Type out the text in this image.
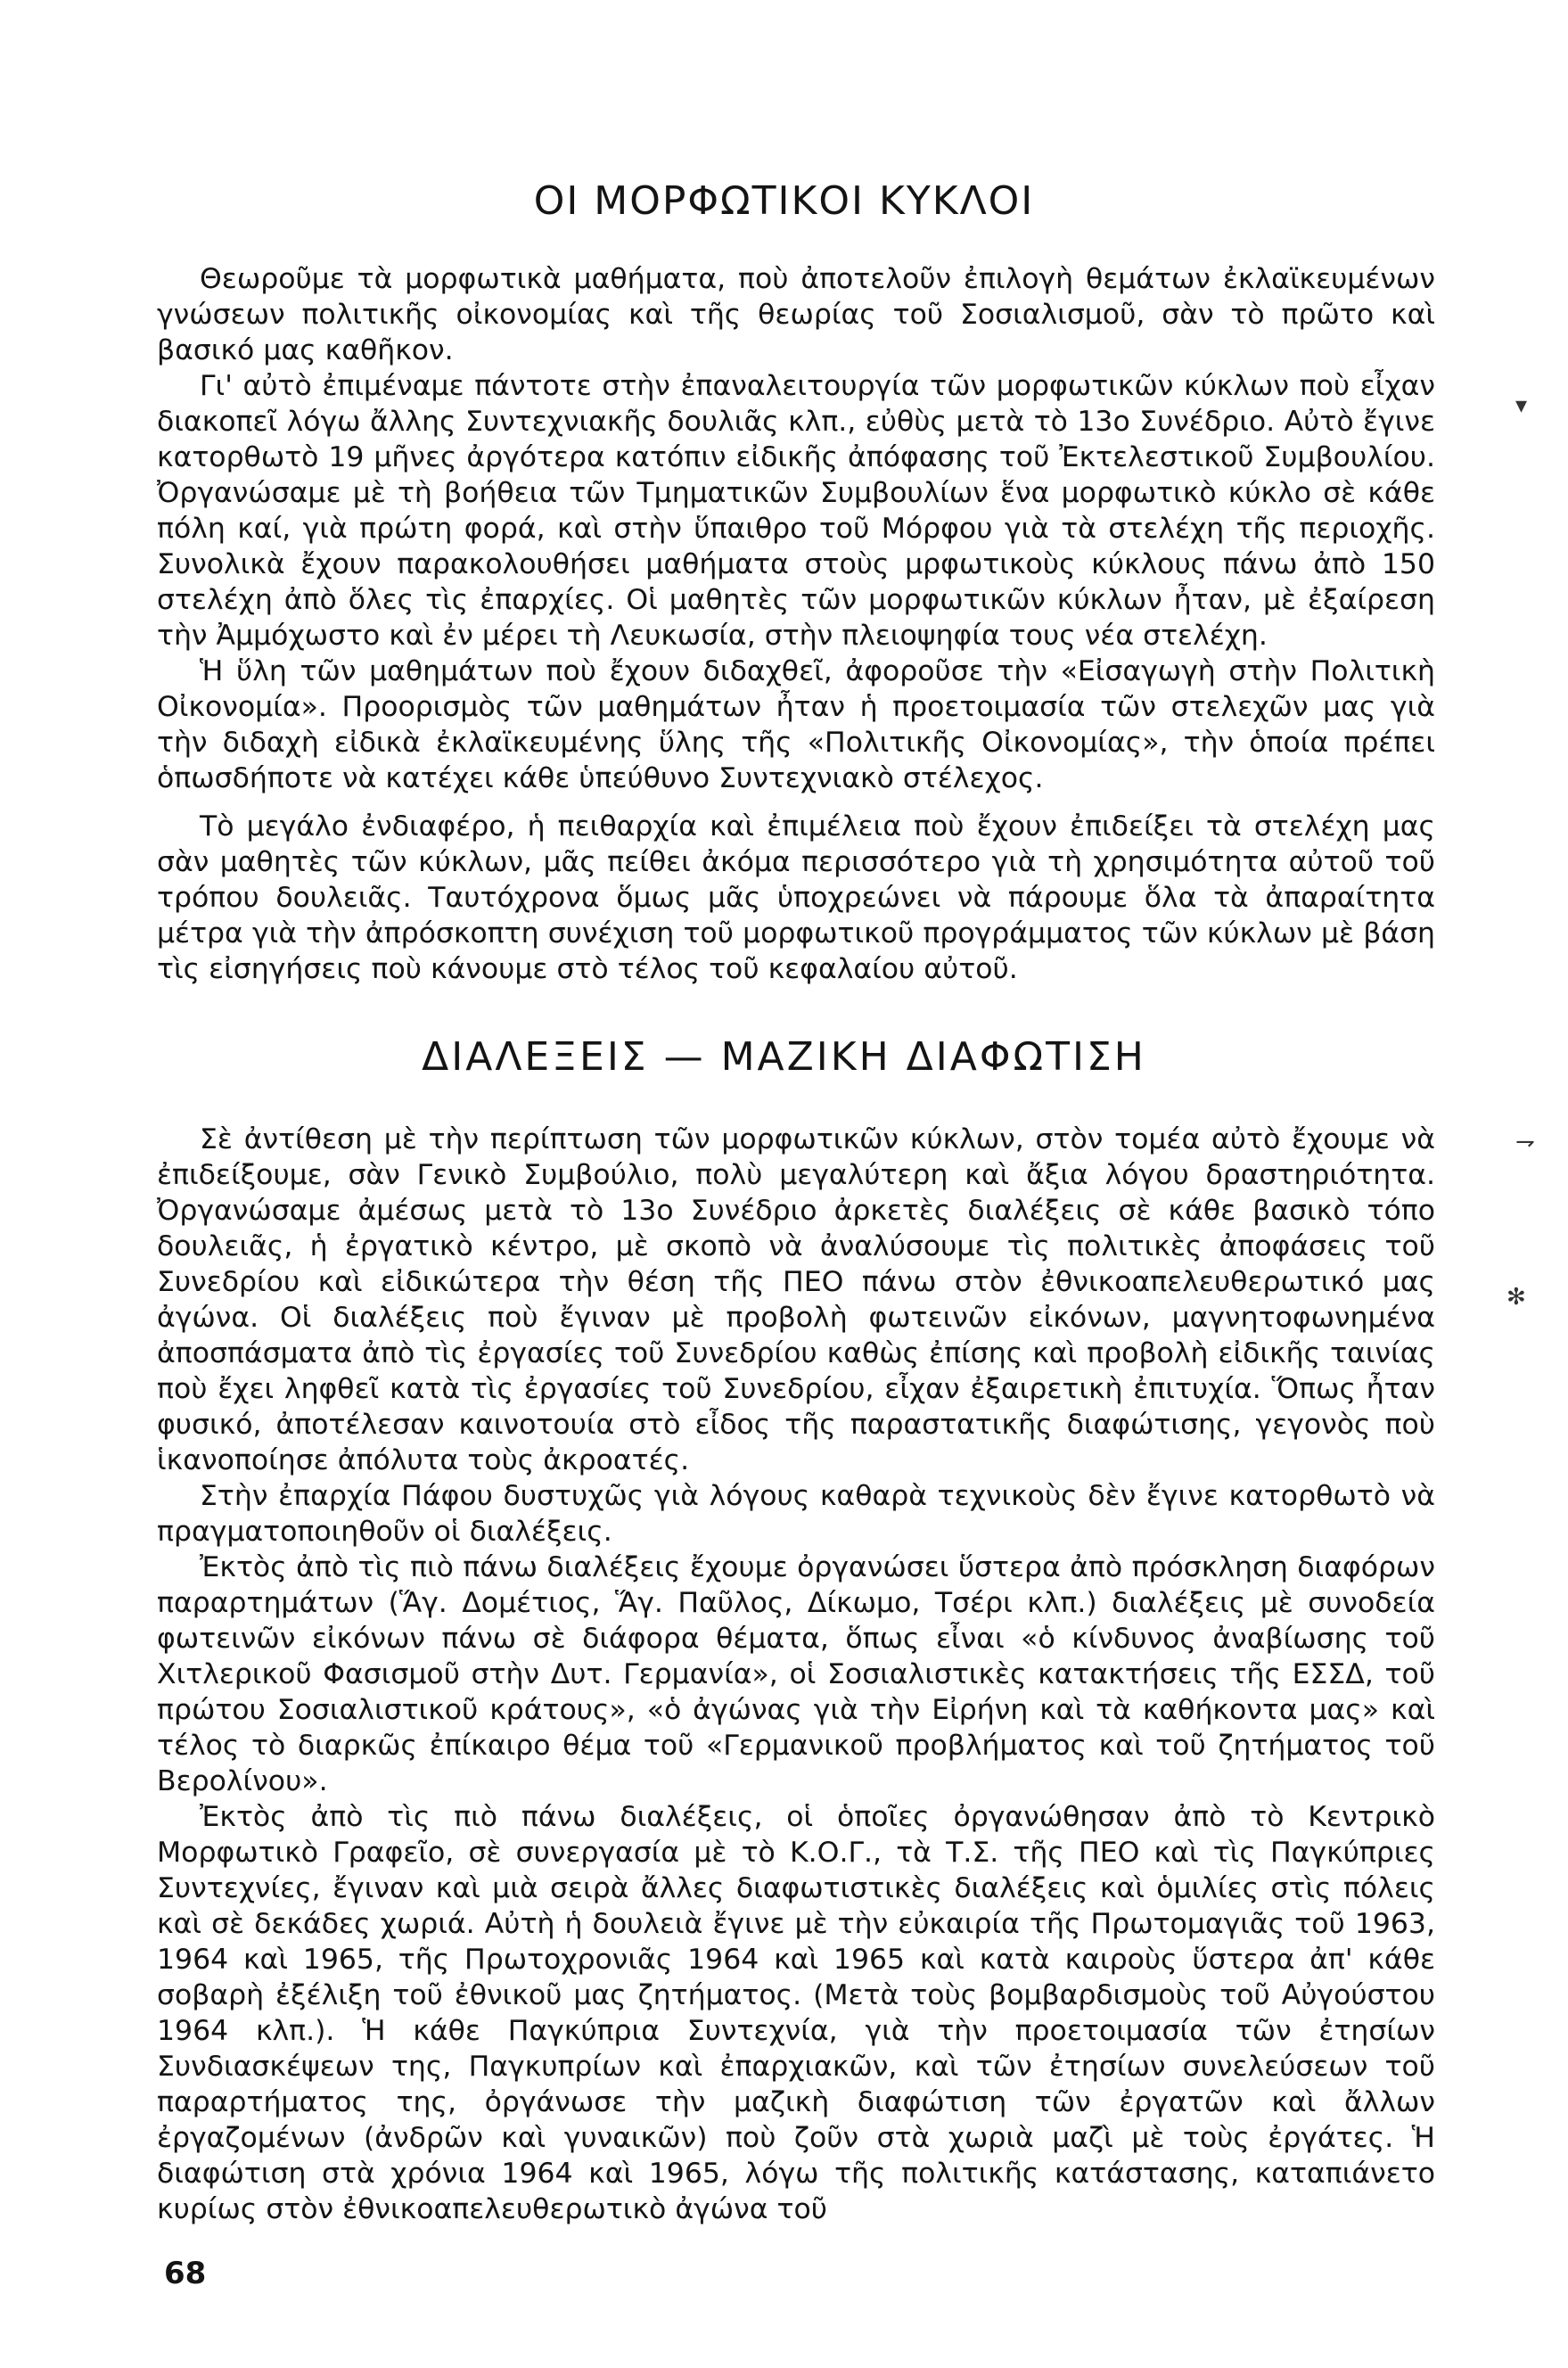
ΟΙ ΜΟΡΦΩΤΙΚΟΙ ΚΥΚΛΟΙ

Θεωροῦμε τὰ μορφωτικὰ μαθήματα, ποὺ ἀποτελοῦν ἐπιλογὴ θεμάτων ἐκλαϊκευμένων γνώσεων πολιτικῆς οἰκονομίας καὶ τῆς θεωρίας τοῦ Σοσιαλισμοῦ, σὰν τὸ πρῶτο καὶ βασικό μας καθῆκον.

Γι' αὐτὸ ἐπιμέναμε πάντοτε στὴν ἐπαναλειτουργία τῶν μορφωτικῶν κύκλων ποὺ εἶχαν διακοπεῖ λόγω ἄλλης Συντεχνιακῆς δουλιᾶς κλπ., εὐθὺς μετὰ τὸ 13ο Συνέδριο. Αὐτὸ ἔγινε κατορθωτὸ 19 μῆνες ἀργότερα κατόπιν εἰδικῆς ἀπόφασης τοῦ Ἐκτελεστικοῦ Συμβουλίου. Ὀργανώσαμε μὲ τὴ βοήθεια τῶν Τμηματικῶν Συμβουλίων ἕνα μορφωτικὸ κύκλο σὲ κάθε πόλη καί, γιὰ πρώτη φορά, καὶ στὴν ὕπαιθρο τοῦ Μόρφου γιὰ τὰ στελέχη τῆς περιοχῆς. Συνολικὰ ἔχουν παρακολουθήσει μαθήματα στοὺς μρφωτικοὺς κύκλους πάνω ἀπὸ 150 στελέχη ἀπὸ ὅλες τὶς ἐπαρχίες. Οἱ μαθητὲς τῶν μορφωτικῶν κύκλων ἦταν, μὲ ἐξαίρεση τὴν Ἀμμόχωστο καὶ ἐν μέρει τὴ Λευκωσία, στὴν πλειοψηφία τους νέα στελέχη.

Ἡ ὕλη τῶν μαθημάτων ποὺ ἔχουν διδαχθεῖ, ἀφοροῦσε τὴν «Εἰσαγωγὴ στὴν Πολιτικὴ Οἰκονομία». Προορισμὸς τῶν μαθημάτων ἦταν ἡ προετοιμασία τῶν στελεχῶν μας γιὰ τὴν διδαχὴ εἰδικὰ ἐκλαϊκευμένης ὕλης τῆς «Πολιτικῆς Οἰκονομίας», τὴν ὁποία πρέπει ὁπωσδήποτε νὰ κατέχει κάθε ὑπεύθυνο Συντεχνιακὸ στέλεχος.

Τὸ μεγάλο ἐνδιαφέρο, ἡ πειθαρχία καὶ ἐπιμέλεια ποὺ ἔχουν ἐπιδείξει τὰ στελέχη μας σὰν μαθητὲς τῶν κύκλων, μᾶς πείθει ἀκόμα περισσότερο γιὰ τὴ χρησιμότητα αὐτοῦ τοῦ τρόπου δουλειᾶς. Ταυτόχρονα ὅμως μᾶς ὑποχρεώνει νὰ πάρουμε ὅλα τὰ ἀπαραίτητα μέτρα γιὰ τὴν ἀπρόσκοπτη συνέχιση τοῦ μορφωτικοῦ προγράμματος τῶν κύκλων μὲ βάση τὶς εἰσηγήσεις ποὺ κάνουμε στὸ τέλος τοῦ κεφαλαίου αὐτοῦ.

ΔΙΑΛΕΞΕΙΣ — ΜΑΖΙΚΗ ΔΙΑΦΩΤΙΣΗ

Σὲ ἀντίθεση μὲ τὴν περίπτωση τῶν μορφωτικῶν κύκλων, στὸν τομέα αὐτὸ ἔχουμε νὰ ἐπιδείξουμε, σὰν Γενικὸ Συμβούλιο, πολὺ μεγαλύτερη καὶ ἄξια λόγου δραστηριότητα. Ὀργανώσαμε ἀμέσως μετὰ τὸ 13ο Συνέδριο ἀρκετὲς διαλέξεις σὲ κάθε βασικὸ τόπο δουλειᾶς, ἡ ἐργατικὸ κέντρο, μὲ σκοπὸ νὰ ἀναλύσουμε τὶς πολιτικὲς ἀποφάσεις τοῦ Συνεδρίου καὶ εἰδικώτερα τὴν θέση τῆς ΠΕΟ πάνω στὸν ἐθνικοαπελευθερωτικό μας ἀγώνα. Οἱ διαλέξεις ποὺ ἔγιναν μὲ προβολὴ φωτεινῶν εἰκόνων, μαγνητοφωνημένα ἀποσπάσματα ἀπὸ τὶς ἐργασίες τοῦ Συνεδρίου καθὼς ἐπίσης καὶ προβολὴ εἰδικῆς ταινίας ποὺ ἔχει ληφθεῖ κατὰ τὶς ἐργασίες τοῦ Συνεδρίου, εἶχαν ἐξαιρετικὴ ἐπιτυχία. Ὅπως ἦταν φυσικό, ἀποτέλεσαν καινοτουία στὸ εἶδος τῆς παραστατικῆς διαφώτισης, γεγονὸς ποὺ ἱκανοποίησε ἀπόλυτα τοὺς ἀκροατές.

Στὴν ἐπαρχία Πάφου δυστυχῶς γιὰ λόγους καθαρὰ τεχνικοὺς δὲν ἔγινε κατορθωτὸ νὰ πραγματοποιηθοῦν οἱ διαλέξεις.

Ἐκτὸς ἀπὸ τὶς πιὸ πάνω διαλέξεις ἔχουμε ὀργανώσει ὕστερα ἀπὸ πρόσκληση διαφόρων παραρτημάτων (Ἅγ. Δομέτιος, Ἅγ. Παῦλος, Δίκωμο, Τσέρι κλπ.) διαλέξεις μὲ συνοδεία φωτεινῶν εἰκόνων πάνω σὲ διάφορα θέματα, ὅπως εἶναι «ὁ κίνδυνος ἀναβίωσης τοῦ Χιτλερικοῦ Φασισμοῦ στὴν Δυτ. Γερμανία», οἱ Σοσιαλιστικὲς κατακτήσεις τῆς ΕΣΣΔ, τοῦ πρώτου Σοσιαλιστικοῦ κράτους», «ὁ ἀγώνας γιὰ τὴν Εἰρήνη καὶ τὰ καθήκοντα μας» καὶ τέλος τὸ διαρκῶς ἐπίκαιρο θέμα τοῦ «Γερμανικοῦ προβλήματος καὶ τοῦ ζητήματος τοῦ Βερολίνου».

Ἐκτὸς ἀπὸ τὶς πιὸ πάνω διαλέξεις, οἱ ὁποῖες ὀργανώθησαν ἀπὸ τὸ Κεντρικὸ Μορφωτικὸ Γραφεῖο, σὲ συνεργασία μὲ τὸ Κ.Ο.Γ., τὰ Τ.Σ. τῆς ΠΕΟ καὶ τὶς Παγκύπριες Συντεχνίες, ἔγιναν καὶ μιὰ σειρὰ ἄλλες διαφωτιστικὲς διαλέξεις καὶ ὁμιλίες στὶς πόλεις καὶ σὲ δεκάδες χωριά. Αὐτὴ ἡ δουλειὰ ἔγινε μὲ τὴν εὐκαιρία τῆς Πρωτομαγιᾶς τοῦ 1963, 1964 καὶ 1965, τῆς Πρωτοχρονιᾶς 1964 καὶ 1965 καὶ κατὰ καιροὺς ὕστερα ἀπ' κάθε σοβαρὴ ἐξέλιξη τοῦ ἐθνικοῦ μας ζητήματος. (Μετὰ τοὺς βομβαρδισμοὺς τοῦ Αὐγούστου 1964 κλπ.). Ἡ κάθε Παγκύπρια Συντεχνία, γιὰ τὴν προετοιμασία τῶν ἐτησίων Συνδιασκέψεων της, Παγκυπρίων καὶ ἐπαρχιακῶν, καὶ τῶν ἐτησίων συνελεύσεων τοῦ παραρτήματος της, ὀργάνωσε τὴν μαζικὴ διαφώτιση τῶν ἐργατῶν καὶ ἄλλων ἐργαζομένων (ἀνδρῶν καὶ γυναικῶν) ποὺ ζοῦν στὰ χωριὰ μαζὶ μὲ τοὺς ἐργάτες. Ἡ διαφώτιση στὰ χρόνια 1964 καὶ 1965, λόγω τῆς πολιτικῆς κατάστασης, καταπιάνετο κυρίως στὸν ἐθνικοαπελευθερωτικὸ ἀγώνα τοῦ

68
▾
✻
⇁
